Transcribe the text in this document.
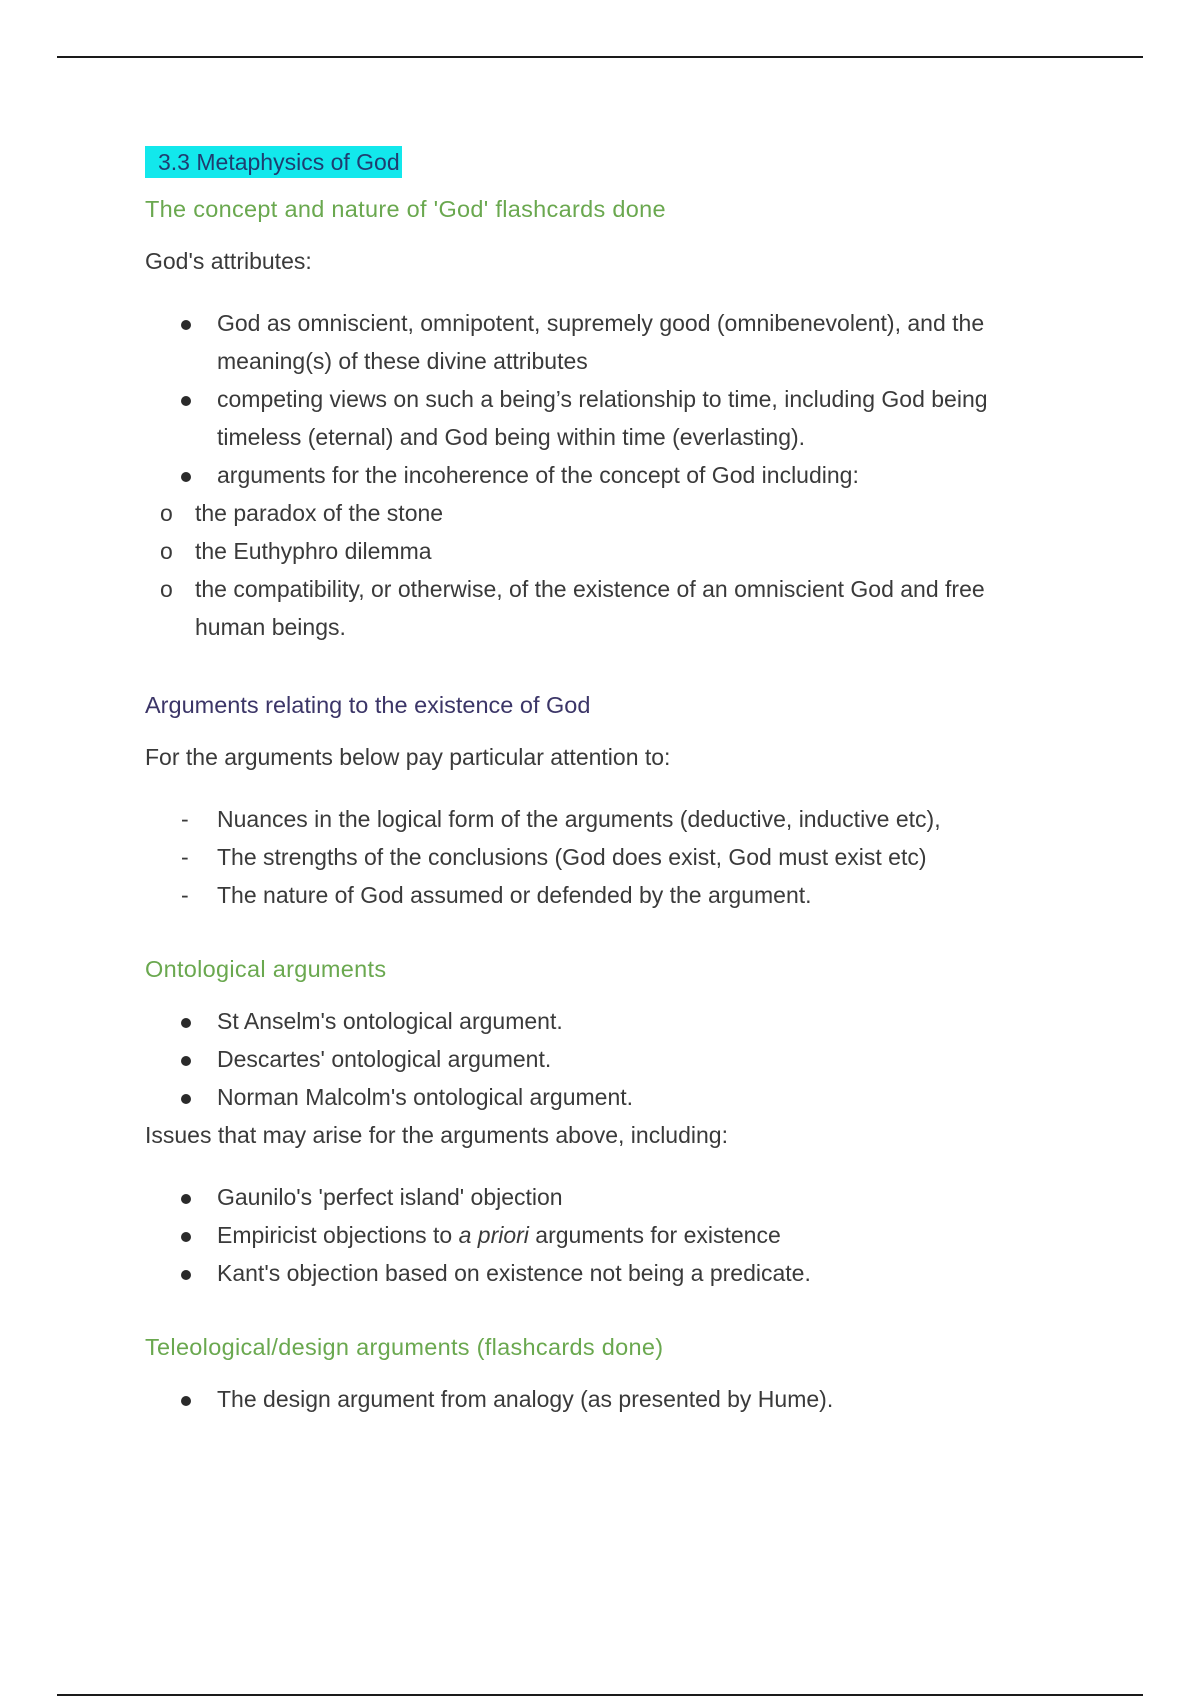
3.3 Metaphysics of God
The concept and nature of 'God' flashcards done
God's attributes:
God as omniscient, omnipotent, supremely good (omnibenevolent), and the
meaning(s) of these divine attributes
competing views on such a being’s relationship to time, including God being
timeless (eternal) and God being within time (everlasting).
arguments for the incoherence of the concept of God including:
o the paradox of the stone
o the Euthyphro dilemma
o the compatibility, or otherwise, of the existence of an omniscient God and free
human beings.
Arguments relating to the existence of God
For the arguments below pay particular attention to:
- Nuances in the logical form of the arguments (deductive, inductive etc),
- The strengths of the conclusions (God does exist, God must exist etc)
- The nature of God assumed or defended by the argument.
Ontological arguments
St Anselm's ontological argument.
Descartes' ontological argument.
Norman Malcolm's ontological argument.
Issues that may arise for the arguments above, including:
Gaunilo's 'perfect island' objection
Empiricist objections to a priori arguments for existence
Kant's objection based on existence not being a predicate.
Teleological/design arguments (flashcards done)
The design argument from analogy (as presented by Hume).
